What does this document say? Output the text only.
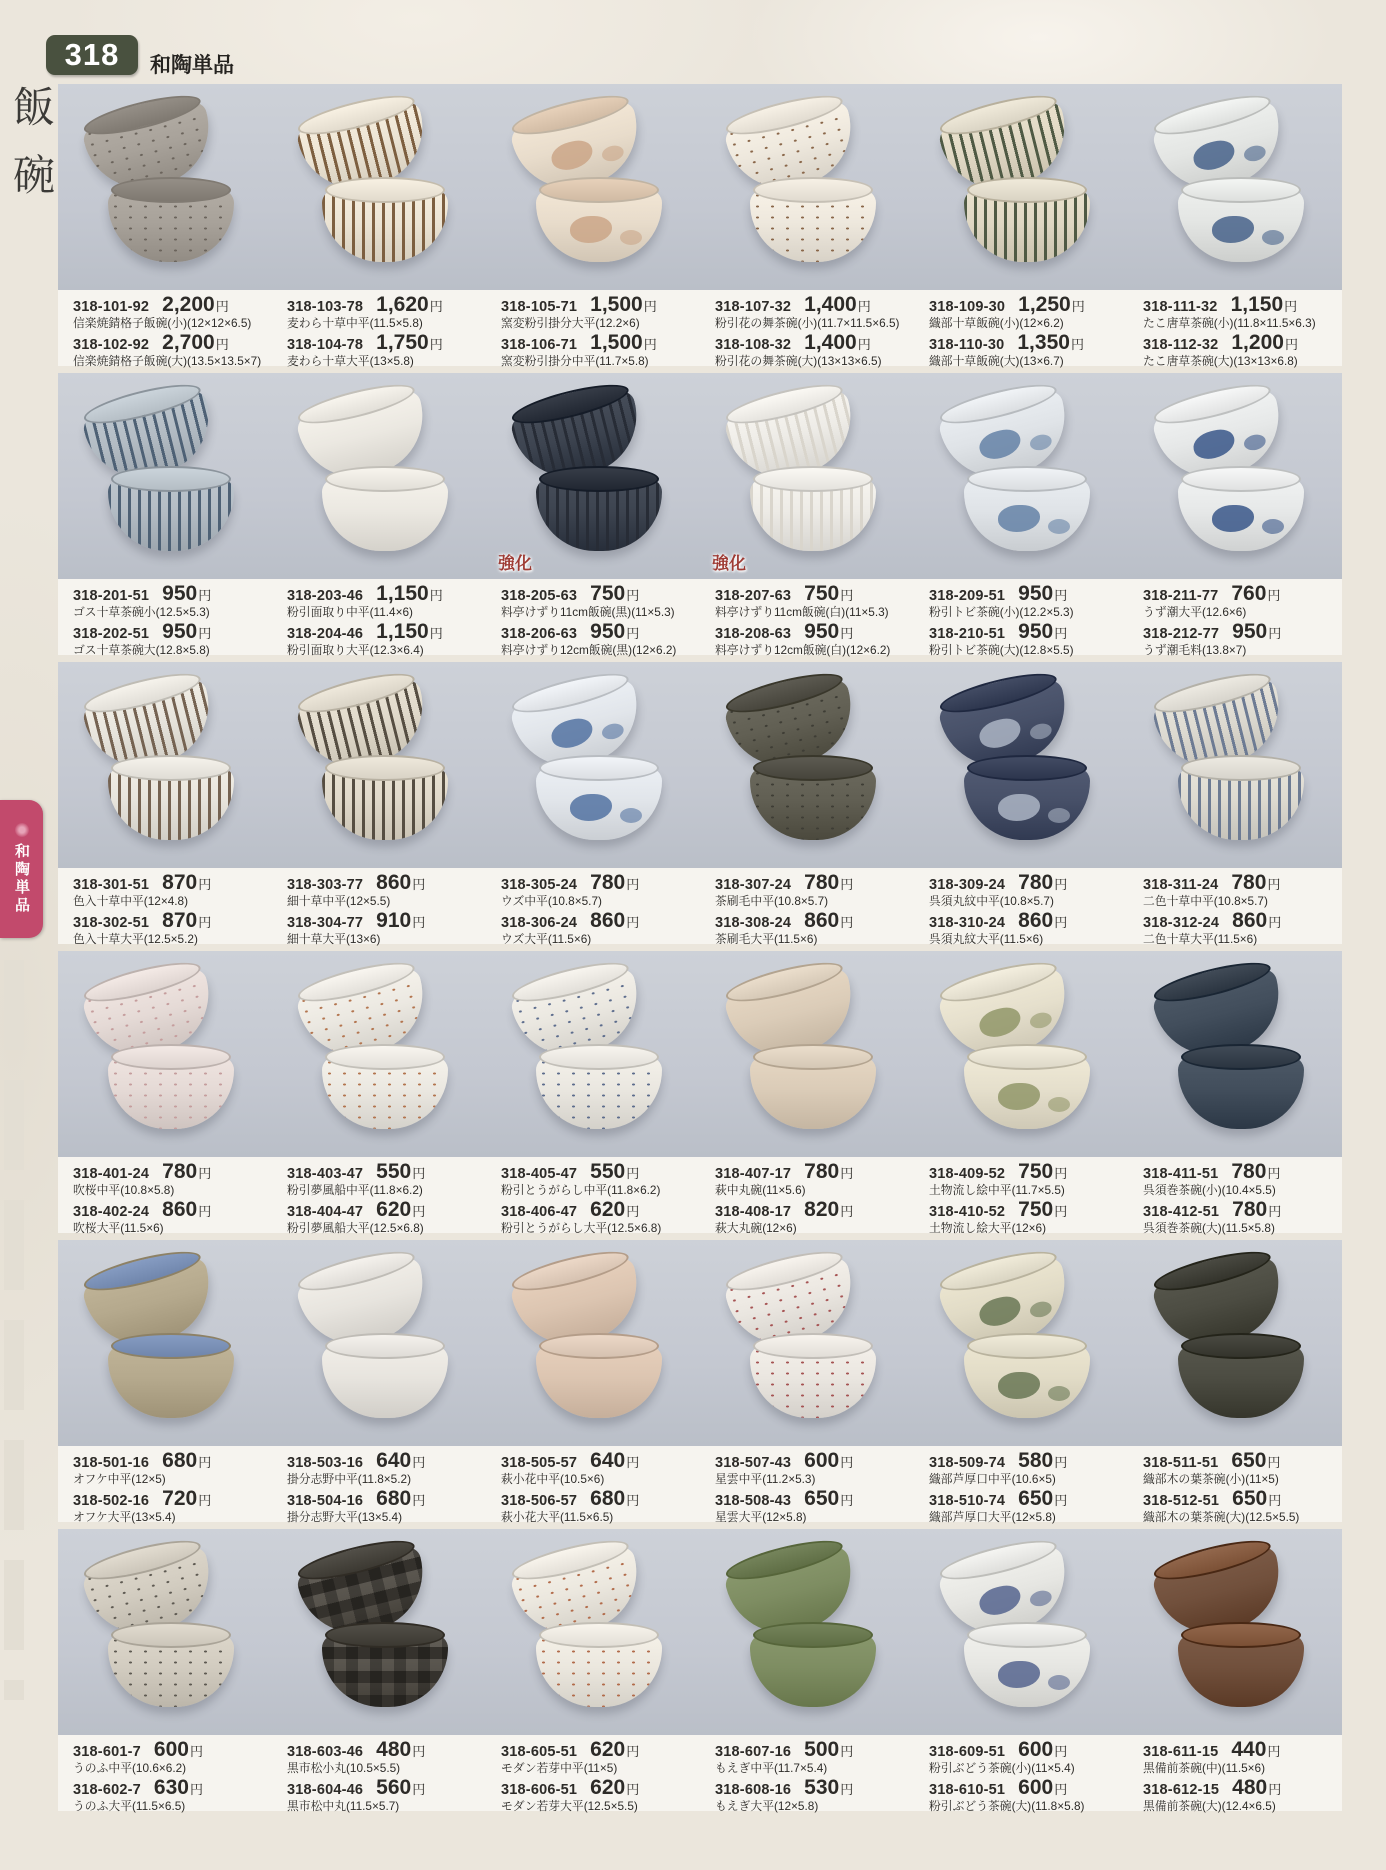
318 和陶単品
飯
碗
和陶単品
318-101-92 2,200 円
信楽焼錆格子飯碗(小)(12×12×6.5)
318-102-92 2,700 円
信楽焼錆格子飯碗(大)(13.5×13.5×7)
318-103-78 1,620 円
麦わら十草中平(11.5×5.8)
318-104-78 1,750 円
麦わら十草大平(13×5.8)
318-105-71 1,500 円
窯変粉引掛分大平(12.2×6)
318-106-71 1,500 円
窯変粉引掛分中平(11.7×5.8)
318-107-32 1,400 円
粉引花の舞茶碗(小)(11.7×11.5×6.5)
318-108-32 1,400 円
粉引花の舞茶碗(大)(13×13×6.5)
318-109-30 1,250 円
織部十草飯碗(小)(12×6.2)
318-110-30 1,350 円
織部十草飯碗(大)(13×6.7)
318-111-32 1,150 円
たこ唐草茶碗(小)(11.8×11.5×6.3)
318-112-32 1,200 円
たこ唐草茶碗(大)(13×13×6.8)
強化	強化
318-201-51 950 円
ゴス十草茶碗小(12.5×5.3)
318-202-51 950 円
ゴス十草茶碗大(12.8×5.8)
318-203-46 1,150 円
粉引面取り中平(11.4×6)
318-204-46 1,150 円
粉引面取り大平(12.3×6.4)
318-205-63 750 円
料亭けずり11cm飯碗(黒)(11×5.3)
318-206-63 950 円
料亭けずり12cm飯碗(黒)(12×6.2)
318-207-63 750 円
料亭けずり11cm飯碗(白)(11×5.3)
318-208-63 950 円
料亭けずり12cm飯碗(白)(12×6.2)
318-209-51 950 円
粉引トビ茶碗(小)(12.2×5.3)
318-210-51 950 円
粉引トビ茶碗(大)(12.8×5.5)
318-211-77 760 円
うず潮大平(12.6×6)
318-212-77 950 円
うず潮毛料(13.8×7)
318-301-51 870 円
色入十草中平(12×4.8)
318-302-51 870 円
色入十草大平(12.5×5.2)
318-303-77 860 円
細十草中平(12×5.5)
318-304-77 910 円
細十草大平(13×6)
318-305-24 780 円
ウズ中平(10.8×5.7)
318-306-24 860 円
ウズ大平(11.5×6)
318-307-24 780 円
茶刷毛中平(10.8×5.7)
318-308-24 860 円
茶刷毛大平(11.5×6)
318-309-24 780 円
呉須丸紋中平(10.8×5.7)
318-310-24 860 円
呉須丸紋大平(11.5×6)
318-311-24 780 円
二色十草中平(10.8×5.7)
318-312-24 860 円
二色十草大平(11.5×6)
318-401-24 780 円
吹桜中平(10.8×5.8)
318-402-24 860 円
吹桜大平(11.5×6)
318-403-47 550 円
粉引夢風船中平(11.8×6.2)
318-404-47 620 円
粉引夢風船大平(12.5×6.8)
318-405-47 550 円
粉引とうがらし中平(11.8×6.2)
318-406-47 620 円
粉引とうがらし大平(12.5×6.8)
318-407-17 780 円
萩中丸碗(11×5.6)
318-408-17 820 円
萩大丸碗(12×6)
318-409-52 750 円
土物流し絵中平(11.7×5.5)
318-410-52 750 円
土物流し絵大平(12×6)
318-411-51 780 円
呉須巻茶碗(小)(10.4×5.5)
318-412-51 780 円
呉須巻茶碗(大)(11.5×5.8)
318-501-16 680 円
オフケ中平(12×5)
318-502-16 720 円
オフケ大平(13×5.4)
318-503-16 640 円
掛分志野中平(11.8×5.2)
318-504-16 680 円
掛分志野大平(13×5.4)
318-505-57 640 円
萩小花中平(10.5×6)
318-506-57 680 円
萩小花大平(11.5×6.5)
318-507-43 600 円
星雲中平(11.2×5.3)
318-508-43 650 円
星雲大平(12×5.8)
318-509-74 580 円
織部芦厚口中平(10.6×5)
318-510-74 650 円
織部芦厚口大平(12×5.8)
318-511-51 650 円
織部木の葉茶碗(小)(11×5)
318-512-51 650 円
織部木の葉茶碗(大)(12.5×5.5)
318-601-7 600 円
うのふ中平(10.6×6.2)
318-602-7 630 円
うのふ大平(11.5×6.5)
318-603-46 480 円
黒市松小丸(10.5×5.5)
318-604-46 560 円
黒市松中丸(11.5×5.7)
318-605-51 620 円
モダン若芽中平(11×5)
318-606-51 620 円
モダン若芽大平(12.5×5.5)
318-607-16 500 円
もえぎ中平(11.7×5.4)
318-608-16 530 円
もえぎ大平(12×5.8)
318-609-51 600 円
粉引ぶどう茶碗(小)(11×5.4)
318-610-51 600 円
粉引ぶどう茶碗(大)(11.8×5.8)
318-611-15 440 円
黒備前茶碗(中)(11.5×6)
318-612-15 480 円
黒備前茶碗(大)(12.4×6.5)
